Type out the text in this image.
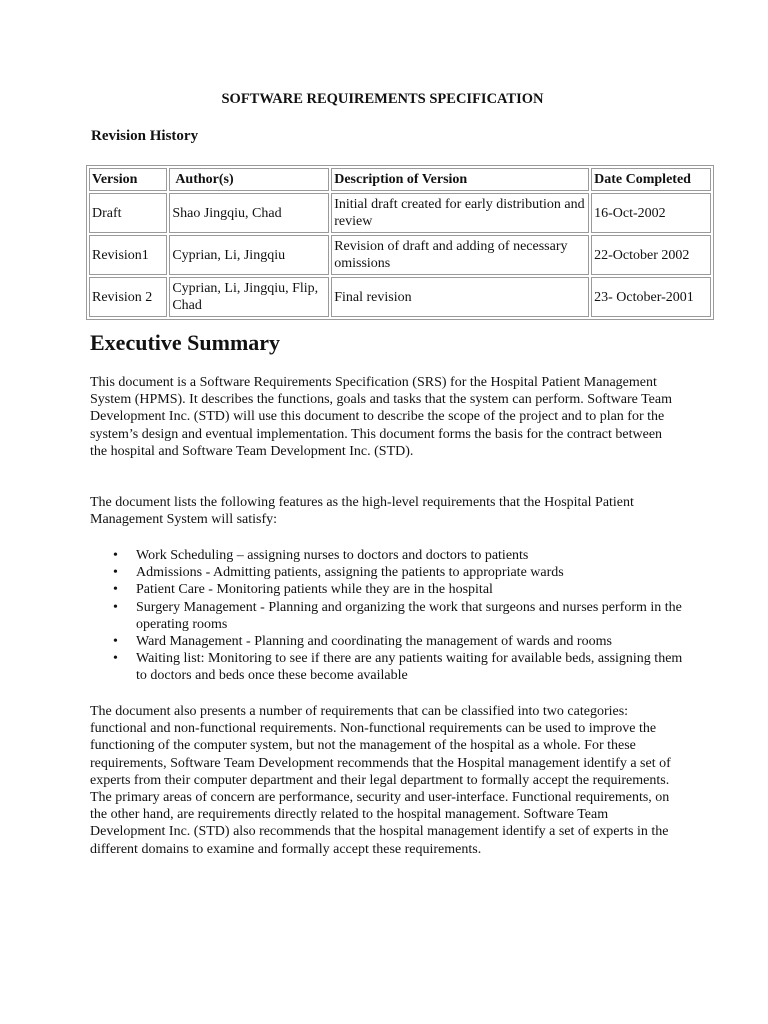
SOFTWARE REQUIREMENTS SPECIFICATION
Revision History
Version	Author(s)	Description of Version	Date Completed
Draft	Shao Jingqiu, Chad	Initial draft created for early distribution and review	16-Oct-2002
Revision1	Cyprian, Li, Jingqiu	Revision of draft and adding of necessary omissions	22-October 2002
Revision 2	Cyprian, Li, Jingqiu, Flip, Chad	Final revision	23- October-2001
Executive Summary

This document is a Software Requirements Specification (SRS) for the Hospital Patient Management System (HPMS). It describes the functions, goals and tasks that the system can perform. Software Team Development Inc. (STD) will use this document to describe the scope of the project and to plan for the system’s design and eventual implementation. This document forms the basis for the contract between the hospital and Software Team Development Inc. (STD).

The document lists the following features as the high-level requirements that the Hospital Patient Management System will satisfy:

• Work Scheduling – assigning nurses to doctors and doctors to patients
• Admissions - Admitting patients, assigning the patients to appropriate wards
• Patient Care - Monitoring patients while they are in the hospital
• Surgery Management - Planning and organizing the work that surgeons and nurses perform in the operating rooms
• Ward Management - Planning and coordinating the management of wards and rooms
• Waiting list: Monitoring to see if there are any patients waiting for available beds, assigning them to doctors and beds once these become available

The document also presents a number of requirements that can be classified into two categories: functional and non-functional requirements. Non-functional requirements can be used to improve the functioning of the computer system, but not the management of the hospital as a whole. For these requirements, Software Team Development recommends that the Hospital management identify a set of experts from their computer department and their legal department to formally accept the requirements. The primary areas of concern are performance, security and user-interface. Functional requirements, on the other hand, are requirements directly related to the hospital management. Software Team Development Inc. (STD) also recommends that the hospital management identify a set of experts in the different domains to examine and formally accept these requirements.
